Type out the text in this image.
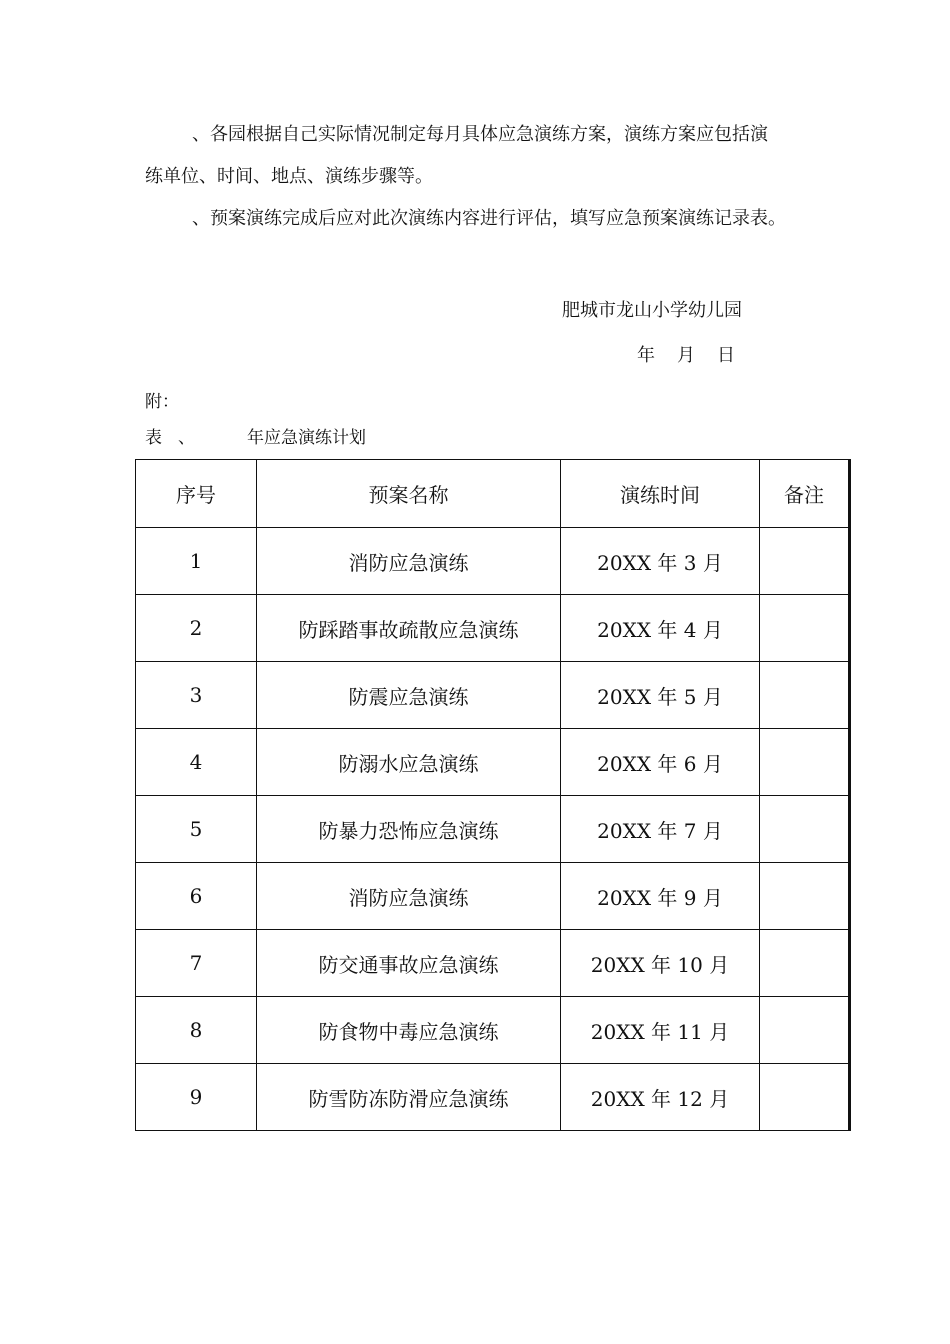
、各园根据自己实际情况制定每月具体应急演练方案，演练方案应包括演
练单位、时间、地点、演练步骤等。
、预案演练完成后应对此次演练内容进行评估，填写应急预案演练记录表。
肥城市龙山小学幼儿园
年 月 日
附：
表 、	年应急演练计划
序号	预案名称	演练时间	备注
1	消防应急演练	20XX 年 3 月	
2	防踩踏事故疏散应急演练	20XX 年 4 月	
3	防震应急演练	20XX 年 5 月	
4	防溺水应急演练	20XX 年 6 月	
5	防暴力恐怖应急演练	20XX 年 7 月	
6	消防应急演练	20XX 年 9 月	
7	防交通事故应急演练	20XX 年 10 月	
8	防食物中毒应急演练	20XX 年 11 月	
9	防雪防冻防滑应急演练	20XX 年 12 月	
